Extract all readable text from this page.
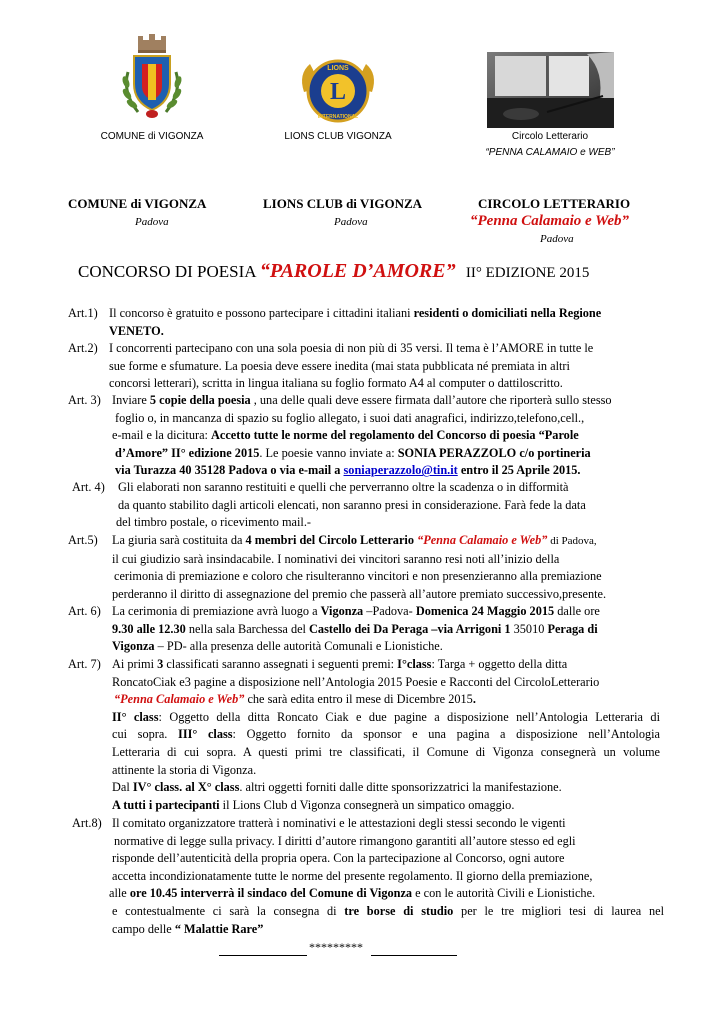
COMUNE di VIGONZA
L
LIONS
INTERNATIONAL
LIONS CLUB VIGONZA	Circolo Letterario
“PENNA CALAMAIO e WEB”
COMUNE di VIGONZA
Padova
LIONS CLUB di VIGONZA
Padova
CIRCOLO LETTERARIO
“Penna Calamaio e Web”
Padova
CONCORSO DI POESIA “PAROLE D’AMORE” II° EDIZIONE 2015
Art.1) Il concorso è gratuito e possono partecipare i cittadini italiani residenti o domiciliati nella Regione
VENETO.
Art.2) I concorrenti partecipano con una sola poesia di non più di 35 versi. Il tema è l’AMORE in tutte le
sue forme e sfumature. La poesia deve essere inedita (mai stata pubblicata né premiata in altri
concorsi letterari), scritta in lingua italiana su foglio formato A4 al computer o dattiloscritto.
Art. 3) Inviare 5 copie della poesia , una delle quali deve essere firmata dall’autore che riporterà sullo stesso
foglio o, in mancanza di spazio su foglio allegato, i suoi dati anagrafici, indirizzo,telefono,cell.,
e-mail e la dicitura: Accetto tutte le norme del regolamento del Concorso di poesia “Parole
d’Amore” II° edizione 2015. Le poesie vanno inviate a: SONIA PERAZZOLO c/o portineria
via Turazza 40 35128 Padova o via e-mail a soniaperazzolo@tin.it entro il 25 Aprile 2015.
Art. 4)	Gli elaborati non saranno restituiti e quelli che perverranno oltre la scadenza o in difformità
da quanto stabilito dagli articoli elencati, non saranno presi in considerazione. Farà fede la data
del timbro postale, o ricevimento mail.-
Art.5)	La giuria sarà costituita da 4 membri del Circolo Letterario “Penna Calamaio e Web” di Padova,
il cui giudizio sarà insindacabile. I nominativi dei vincitori saranno resi noti all’inizio della
cerimonia di premiazione e coloro che risulteranno vincitori e non presenzieranno alla premiazione
perderanno il diritto di assegnazione del premio che passerà all’autore premiato successivo,presente.
Art. 6) La cerimonia di premiazione avrà luogo a Vigonza –Padova- Domenica 24 Maggio 2015 dalle ore
9.30 alle 12.30 nella sala Barchessa del Castello dei Da Peraga –via Arrigoni 1 35010 Peraga di
Vigonza – PD- alla presenza delle autorità Comunali e Lionistiche.
Art. 7) Ai primi 3 classificati saranno assegnati i seguenti premi: I°class: Targa + oggetto della ditta
RoncatoCiak e3 pagine a disposizione nell’Antologia 2015 Poesie e Racconti del CircoloLetterario
“Penna Calamaio e Web” che sarà edita entro il mese di Dicembre 2015.
II° class: Oggetto della ditta Roncato Ciak e due pagine a disposizione nell’Antologia Letteraria di
cui sopra. III° class: Oggetto fornito da sponsor e una pagina a disposizione nell’Antologia
Letteraria di cui sopra. A questi primi tre classificati, il Comune di Vigonza consegnerà un volume
attinente la storia di Vigonza.
Dal IV° class. al X° class. altri oggetti forniti dalle ditte sponsorizzatrici la manifestazione.
A tutti i partecipanti il Lions Club d Vigonza consegnerà un simpatico omaggio.
Art.8) Il comitato organizzatore tratterà i nominativi e le attestazioni degli stessi secondo le vigenti
normative di legge sulla privacy. I diritti d’autore rimangono garantiti all’autore stesso ed egli
risponde dell’autenticità della propria opera. Con la partecipazione al Concorso, ogni autore
accetta incondizionatamente tutte le norme del presente regolamento. Il giorno della premiazione,
alle ore 10.45 interverrà il sindaco del Comune di Vigonza e con le autorità Civili e Lionistiche.
e contestualmente ci sarà la consegna di tre borse di studio per le tre migliori tesi di laurea nel
campo delle “ Malattie Rare”
*********
